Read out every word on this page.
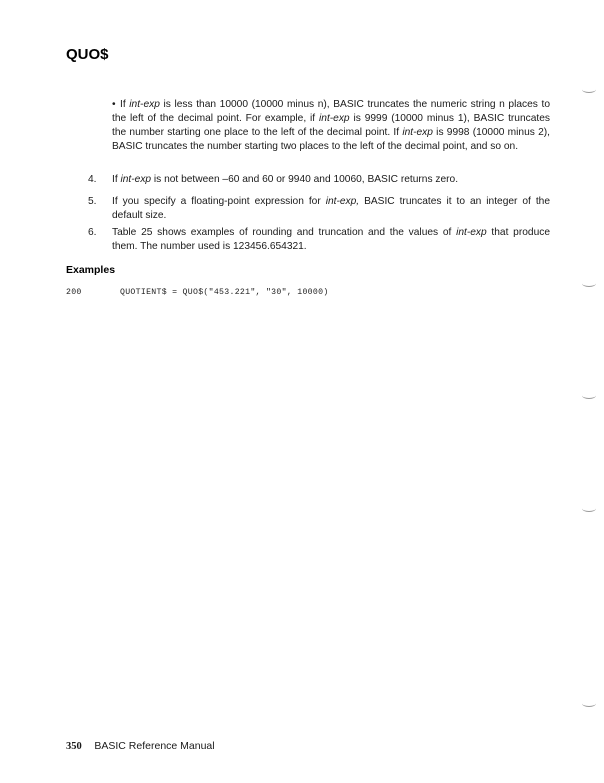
QUO$
• If int-exp is less than 10000 (10000 minus n), BASIC truncates the numeric string n places to the left of the decimal point. For example, if int-exp is 9999 (10000 minus 1), BASIC truncates the number starting one place to the left of the decimal point. If int-exp is 9998 (10000 minus 2), BASIC truncates the number starting two places to the left of the decimal point, and so on.
4.	If int-exp is not between –60 and 60 or 9940 and 10060, BASIC returns zero.
5.	If you specify a floating-point expression for int-exp, BASIC truncates it to an integer of the default size.
6.	Table 25 shows examples of rounding and truncation and the values of int-exp that produce them. The number used is 123456.654321.
Examples
200	QUOTIENT$ = QUO$("453.221", "30", 10000)
350 BASIC Reference Manual
